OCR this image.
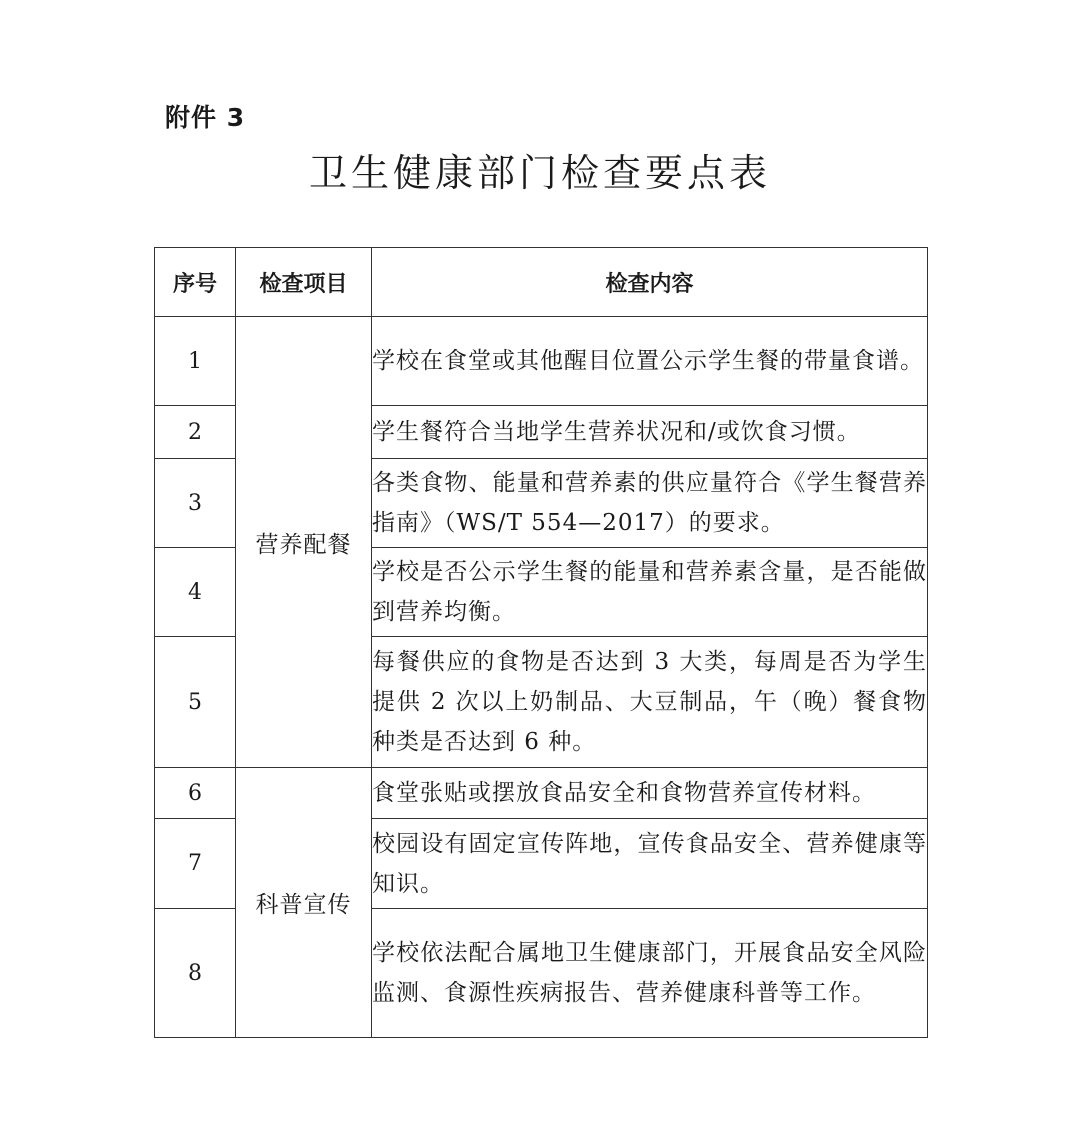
附件 3
卫生健康部门检查要点表
序号	检查项目	检查内容
1	营养配餐	学校在食堂或其他醒目位置公示学生餐的带量食谱。
2		学生餐符合当地学生营养状况和/或饮食习惯。
3		各类食物、能量和营养素的供应量符合《学生餐营养指南》（WS/T 554—2017）的要求。
4		学校是否公示学生餐的能量和营养素含量，是否能做到营养均衡。
5		每餐供应的食物是否达到 3 大类，每周是否为学生提供 2 次以上奶制品、大豆制品，午（晚）餐食物种类是否达到 6 种。
6	科普宣传	食堂张贴或摆放食品安全和食物营养宣传材料。
7		校园设有固定宣传阵地，宣传食品安全、营养健康等知识。
8		学校依法配合属地卫生健康部门，开展食品安全风险监测、食源性疾病报告、营养健康科普等工作。
